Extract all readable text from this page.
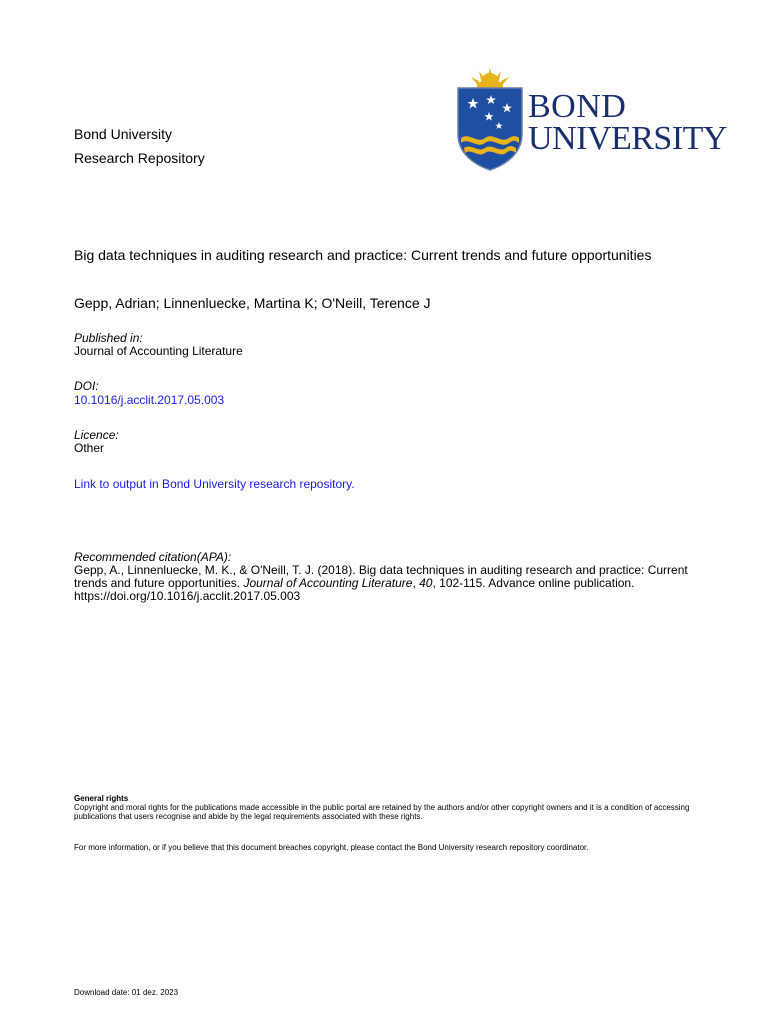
Bond University
Research Repository
BOND
UNIVERSITY
Big data techniques in auditing research and practice: Current trends and future opportunities
Gepp, Adrian; Linnenluecke, Martina K; O'Neill, Terence J
Published in:
Journal of Accounting Literature
DOI:
10.1016/j.acclit.2017.05.003
Licence:
Other
Link to output in Bond University research repository.
Recommended citation(APA):
Gepp, A., Linnenluecke, M. K., & O'Neill, T. J. (2018). Big data techniques in auditing research and practice: Current trends and future opportunities. Journal of Accounting Literature, 40, 102-115. Advance online publication. https://doi.org/10.1016/j.acclit.2017.05.003
General rights
Copyright and moral rights for the publications made accessible in the public portal are retained by the authors and/or other copyright owners and it is a condition of accessing publications that users recognise and abide by the legal requirements associated with these rights.
For more information, or if you believe that this document breaches copyright, please contact the Bond University research repository coordinator.
Download date: 01 dez. 2023
